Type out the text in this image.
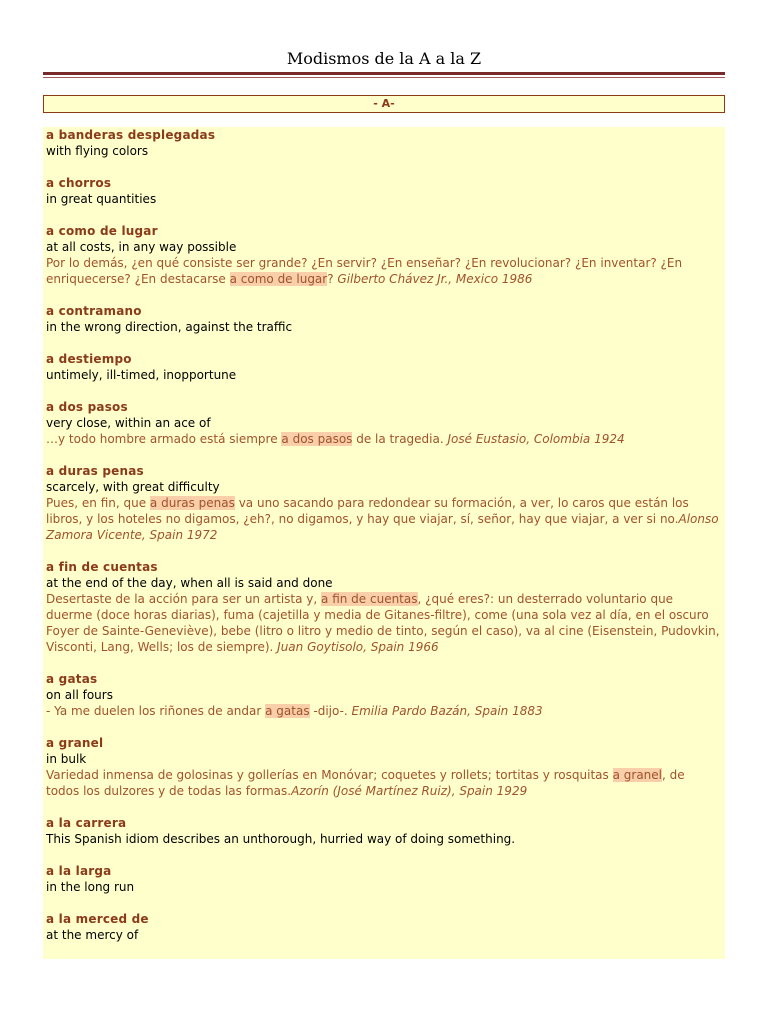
Modismos de la A a la Z
- A-
a banderas desplegadas
with flying colors
a chorros
in great quantities
a como de lugar
at all costs, in any way possible
Por lo demás, ¿en qué consiste ser grande? ¿En servir? ¿En enseñar? ¿En revolucionar? ¿En inventar? ¿En enriquecerse? ¿En destacarse a como de lugar? Gilberto Chávez Jr., Mexico 1986
a contramano
in the wrong direction, against the traffic
a destiempo
untimely, ill-timed, inopportune
a dos pasos
very close, within an ace of
…y todo hombre armado está siempre a dos pasos de la tragedia. José Eustasio, Colombia 1924
a duras penas
scarcely, with great difficulty
Pues, en fin, que a duras penas va uno sacando para redondear su formación, a ver, lo caros que están los libros, y los hoteles no digamos, ¿eh?, no digamos, y hay que viajar, sí, señor, hay que viajar, a ver si no.Alonso Zamora Vicente, Spain 1972
a fin de cuentas
at the end of the day, when all is said and done
Desertaste de la acción para ser un artista y, a fin de cuentas, ¿qué eres?: un desterrado voluntario que duerme (doce horas diarias), fuma (cajetilla y media de Gitanes-filtre), come (una sola vez al día, en el oscuro Foyer de Sainte-Geneviève), bebe (litro o litro y medio de tinto, según el caso), va al cine (Eisenstein, Pudovkin, Visconti, Lang, Wells; los de siempre). Juan Goytisolo, Spain 1966
a gatas
on all fours
- Ya me duelen los riñones de andar a gatas -dijo-. Emilia Pardo Bazán, Spain 1883
a granel
in bulk
Variedad inmensa de golosinas y gollerías en Monóvar; coquetes y rollets; tortitas y rosquitas a granel, de todos los dulzores y de todas las formas.Azorín (José Martínez Ruiz), Spain 1929
a la carrera
This Spanish idiom describes an unthorough, hurried way of doing something.
a la larga
in the long run
a la merced de
at the mercy of
